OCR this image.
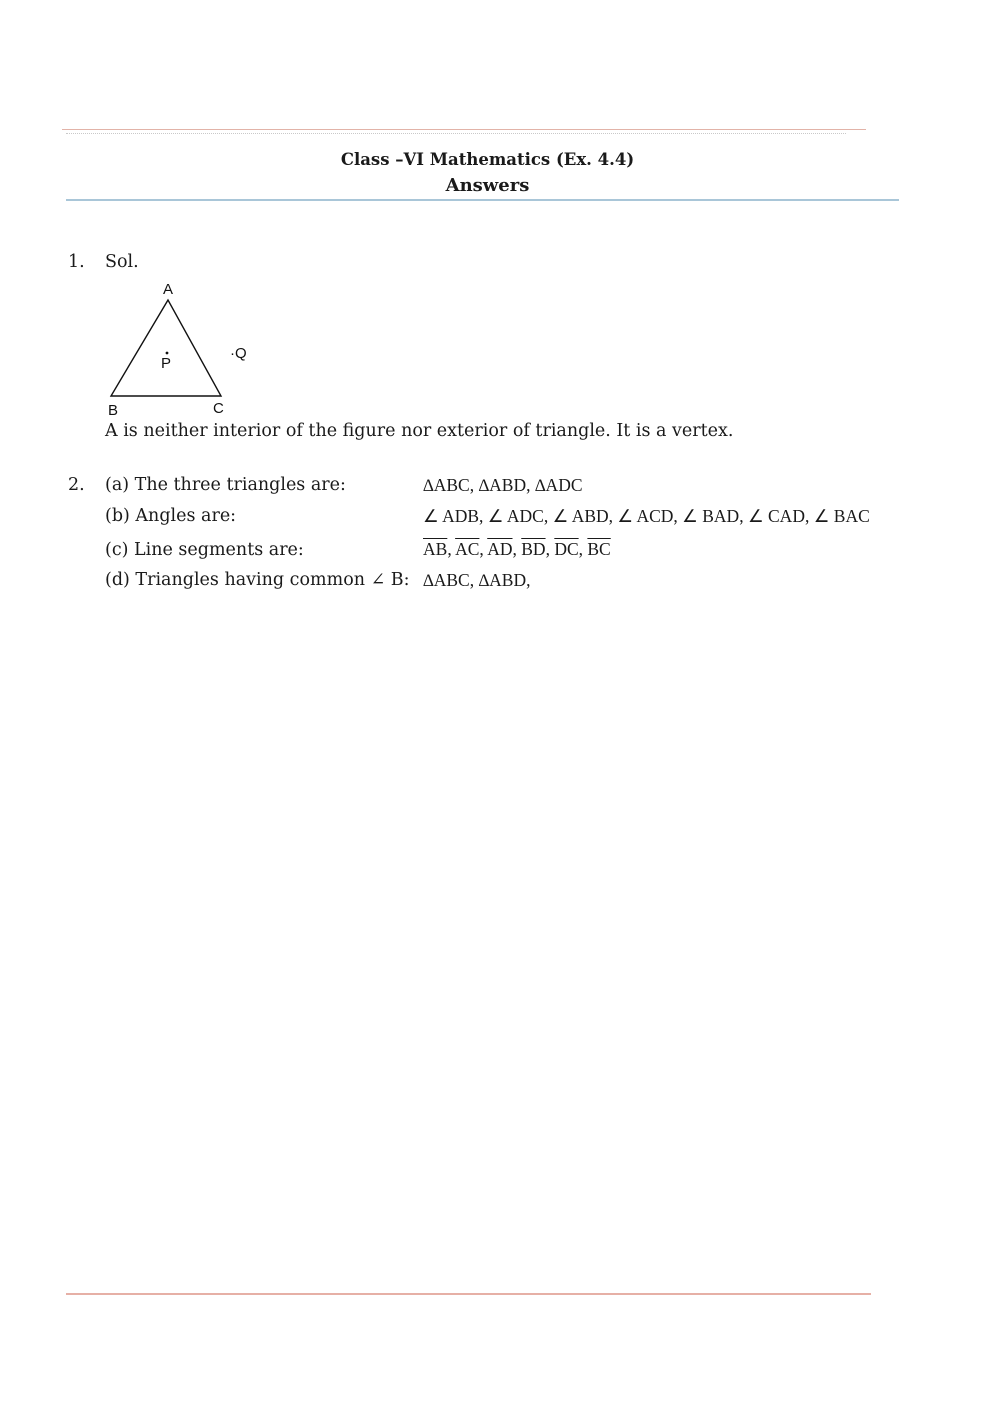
Class –VI Mathematics (Ex. 4.4)
Answers
1. Sol.
A
B	C
P
·Q
A is neither interior of the figure nor exterior of triangle. It is a vertex.
2. (a) The three triangles are:	∆ABC, ∆ABD, ∆ADC
(b) Angles are:	∠ ADB, ∠ ADC, ∠ ABD, ∠ ACD, ∠ BAD, ∠ CAD, ∠ BAC
(c) Line segments are:	$\overline{AB}$, $\overline{AC}$, $\overline{AD}$, $\overline{BD}$, $\overline{DC}$, $\overline{BC}$
(d) Triangles having common ∠ B: ∆ABC, ∆ABD,
